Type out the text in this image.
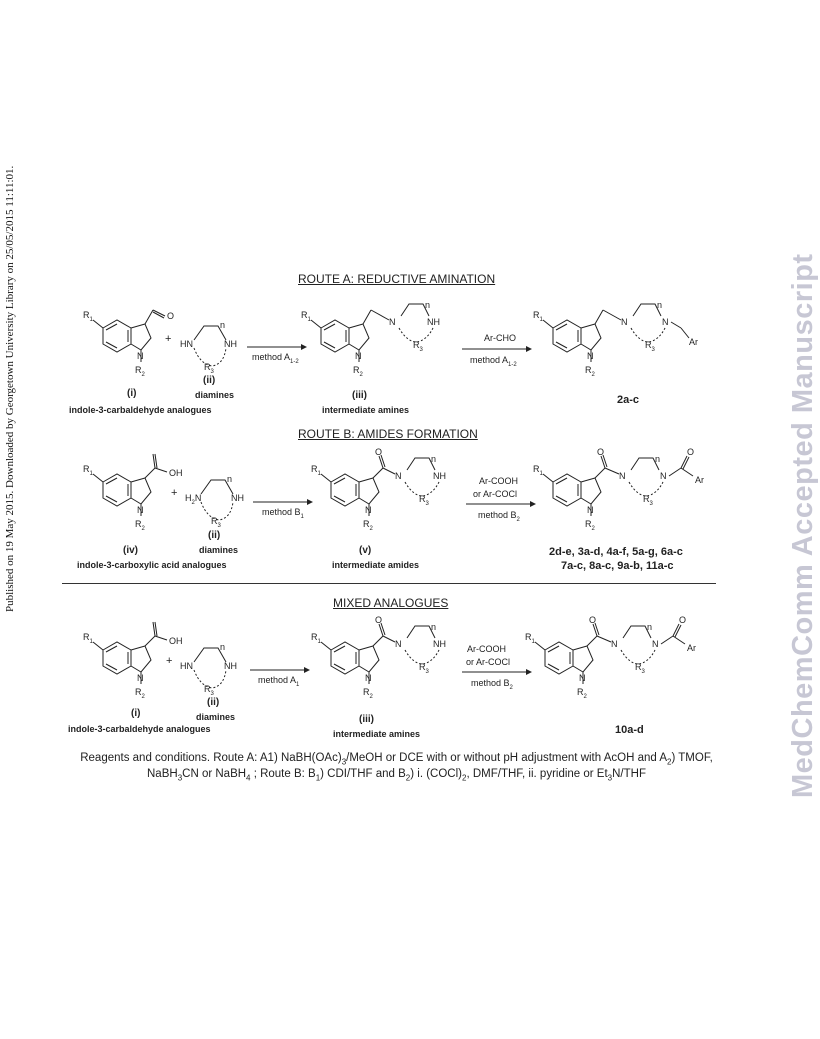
Published on 19 May 2015. Downloaded by Georgetown University Library on 25/05/2015 11:11:01.	MedChemComm Accepted Manuscript
ROUTE A: REDUCTIVE AMINATION
$R_1$	O
N
$R_2$
(i)
indole-3-carbaldehyde analogues
+ HN	NH
n
$R_3$
(ii)
diamines
method $A_{1-2}$
$R_1$	N	NH
n
$R_3$
N
$R_2$
(iii)
intermediate amines
Ar-CHO
method $A_{1-2}$
$R_1$	N	N
n
$R_3$
Ar
N
$R_2$
2a-c
ROUTE B: AMIDES FORMATION
$R_1$	OH
N
$R_2$
(iv)
indole-3-carboxylic acid analogues
+ $H_2N$	NH
n
$R_3$
(ii)
diamines
method $B_1$
$R_1$
O
N	NH
n
$R_3$
N
$R_2$
(v)
intermediate amides
Ar-COOH
or Ar-COCl
method $B_2$
$R_1$
O
N	N
n
O
Ar
$R_3$
N
$R_2$
2d-e, 3a-d, 4a-f, 5a-g, 6a-c
7a-c, 8a-c, 9a-b, 11a-c
MIXED ANALOGUES
$R_1$	OH
N
$R_2$
(i)
indole-3-carbaldehyde analogues
+ HN	NH
n
$R_3$
(ii)
diamines
method $A_1$
$R_1$
O
N	NH
n
$R_3$
N
$R_2$
(iii)
intermediate amines
Ar-COOH
or Ar-COCl
method $B_2$
$R_1$
O
N	N
n
O
Ar
$R_3$
N
$R_2$
10a-d
Reagents and conditions. Route A: A1) $NaBH(OAc)_3$/MeOH or DCE with or without pH adjustment with AcOH and $A_2$) TMOF,
NaBH$_3$CN or NaBH$_4$ ; Route B: $B_1$) CDI/THF and $B_2$) i. $(COCl)_2$, DMF/THF, ii. pyridine or $Et_3N$/THF
